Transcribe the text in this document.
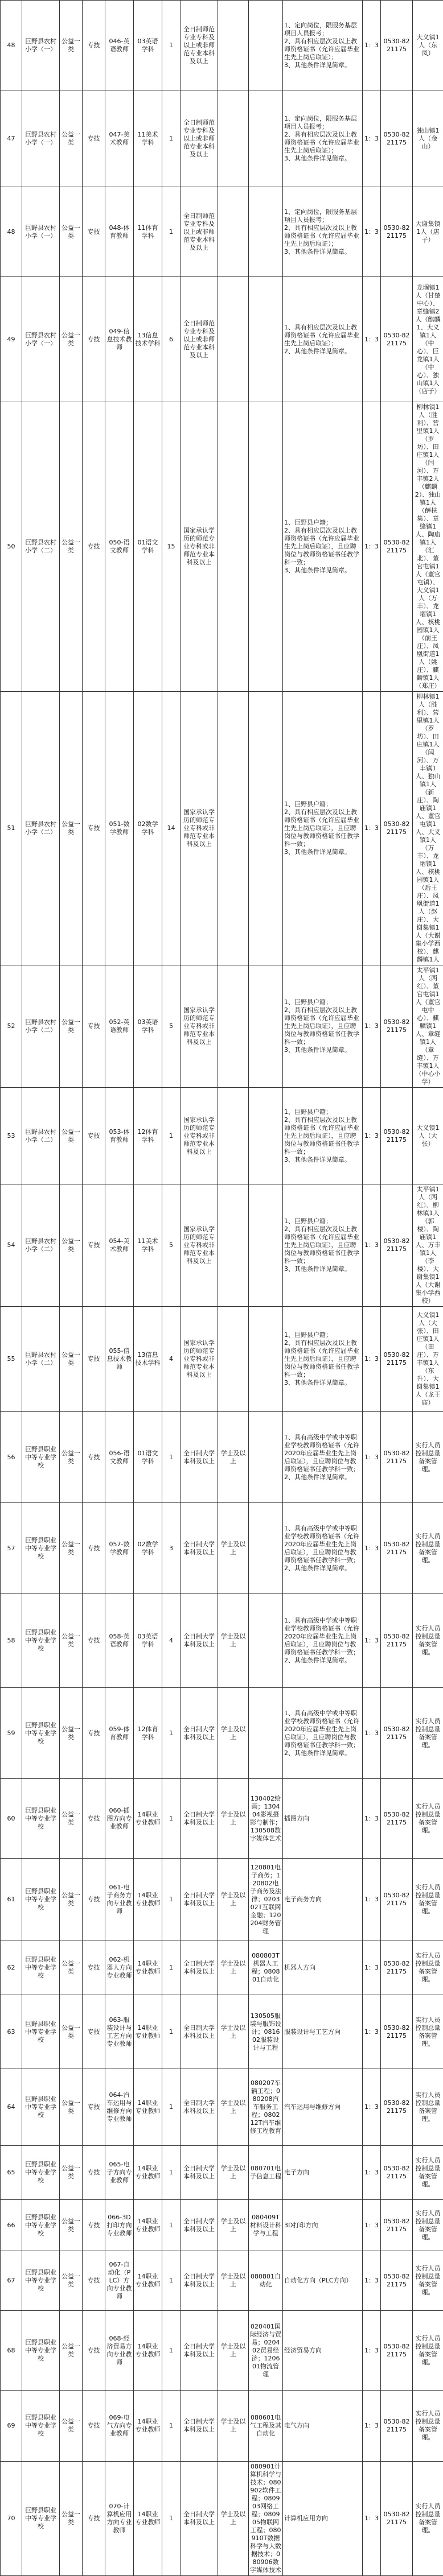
48	巨野县农村小学（一）	公益一类	专技	046-英语教师	03英语学科	1	全日制师范专业专科及以上或非师范专业本科及以上			1、定向岗位，限服务基层项目人员报考；
2、具有相应层次及以上教师资格证书（允许应届毕业生先上岗后取证）；
3、其他条件详见简章。	1：3	0530-8221175	大义镇1人（东凤）
47	巨野县农村小学（一）	公益一类	专技	047-美术教师	11美术学科	1	全日制师范专业专科及以上或非师范专业本科及以上			1、定向岗位，限服务基层项目人员报考；
2、具有相应层次及以上教师资格证书（允许应届毕业生先上岗后取证）；
3、其他条件详见简章。	1：3	0530-8221175	独山镇1人（金山）
48	巨野县农村小学（一）	公益一类	专技	048-体育教师	11体育学科	1	全日制师范专业专科及以上或非师范专业本科及以上			1、定向岗位，限服务基层项目人员报考；
2、具有相应层次及以上教师资格证书（允许应届毕业生先上岗后取证）；
3、其他条件详见简章。	1：3	0530-8221175	大谢集镇1人（店子）
49	巨野县农村小学（一）	公益一类	专技	049-信息技术教师	13信息技术学科	6	全日制师范专业专科及以上或非师范专业本科及以上			1、具有相应层次及以上教师资格证书（允许应届毕业生先上岗后取证）；
2、其他条件详见简章。	1：3	0530-8221175	龙堌镇1人（甘楚中心）、章缝镇2人（麒麟1、大义镇1人（中心）、巨龙镇1人（中心）、独山镇1人（店子）
50	巨野县农村小学（二）	公益一类	专技	050-语文教师	01语文学科	15	国家承认学历的师范专业专科或非师范专业本科及以上			1、巨野县户籍；
2、具有相应层次及以上教师资格证书（允许应届毕业生先上岗后取证），且应聘岗位与教师资格证书任教学科一致；
3、其他条件详见简章。	1：3	0530-8221175	柳林镇1人（胜利）、营里镇1人（罗坊）、田庄镇1人（闫河）、万丰镇2人（麒麟2）、独山镇1人（薛扶集）、章缝镇1人、陶庙镇1人（汇北）、董官屯镇1人（董官屯镇）、大义镇1人（万丰）、龙堌镇1人、核桃园镇1人（前王庄）、凤凰街道1人（姚庄）、麒麟镇1人（郑庄）
51	巨野县农村小学（二）	公益一类	专技	051-数学教师	02数学学科	14	国家承认学历的师范专业专科或非师范专业本科及以上			1、巨野县户籍；
2、具有相应层次及以上教师资格证书（允许应届毕业生先上岗后取证），且应聘岗位与教师资格证书任教学科一致；
3、其他条件详见简章。	1：3	0530-8221175	柳林镇1人（胜利）、营里镇1人（罗坊）、田庄镇1人（闫河）、万丰镇1人、独山镇1人（新庄）、陶庙镇1人、董官屯镇1人、大义镇1人（万丰）、龙堌镇1人、核桃园镇1人（后王庄）、凤凰街道1人（赵庄）、大谢集镇1人（大谢集小学西校）、麒麟镇1人
52	巨野县农村小学（二）	公益一类	专技	052-英语教师	03英语学科	5	国家承认学历的师范专业专科或非师范专业本科及以上			1、巨野县户籍；
2、具有相应层次及以上教师资格证书（允许应届毕业生先上岗后取证），且应聘岗位与教师资格证书任教学科一致；
3、其他条件详见简章。	1：3	0530-8221175	太平镇1人（两红）、董官屯镇1人（董官屯中心）、麒麟镇1人、章缝镇1人（章缝）、万丰镇1人（中心小学）
53	巨野县农村小学（二）	公益一类	专技	053-体育教师	12体育学科	1	国家承认学历的师范专业专科或非师范专业本科及以上			1、巨野县户籍；
2、具有相应层次及以上教师资格证书（允许应届毕业生先上岗后取证），且应聘岗位与教师资格证书任教学科一致；
3、其他条件详见简章。	1：3	0530-8221175	大义镇1人（大张）
54	巨野县农村小学（二）	公益一类	专技	054-美术教师	11美术学科	5	国家承认学历的师范专业专科或非师范专业本科及以上			1、巨野县户籍；
2、具有相应层次及以上教师资格证书（允许应届毕业生先上岗后取证），且应聘岗位与教师资格证书任教学科一致；
3、其他条件详见简章。	1：3	0530-8221175	太平镇1人（两红）、柳林镇1人（郭楼）、陶庙镇1人、万丰镇1人（李楼）、大谢集镇1人（大谢集小学西校）
55	巨野县农村小学（二）	公益一类	专技	055-信息技术教师	13信息技术学科	4	国家承认学历的师范专业专科或非师范专业本科及以上			1、巨野县户籍；
2、具有相应层次及以上教师资格证书（允许应届毕业生先上岗后取证），且应聘岗位与教师资格证书任教学科一致；
3、其他条件详见简章。	1：3	0530-8221175	大义镇1人（大张）、田庄镇1人（田庄）、万丰镇1人（东升）、大谢集镇1人（龙王庙）
56	巨野县职业中等专业学校	公益一类	专技	056-语文教师	01语文学科	1	全日制大学本科及以上	学士及以上		1、具有高级中学或中等职业学校教师资格证书（允许2020年应届毕业生先上岗后取证），且应聘岗位与教师资格证书任教学科一致；
2、其他条件详见简章。	1：3	0530-8221175	实行人员控制总量备案管理。
57	巨野县职业中等专业学校	公益一类	专技	057-数学教师	02数学学科	3	全日制大学本科及以上	学士及以上		1、具有高级中学或中等职业学校教师资格证书（允许2020年应届毕业生先上岗后取证），且应聘岗位与教师资格证书任教学科一致；
2、其他条件详见简章。	1：3	0530-8221175	实行人员控制总量备案管理。
58	巨野县职业中等专业学校	公益一类	专技	058-英语教师	03英语学科	4	全日制大学本科及以上	学士及以上		1、具有高级中学或中等职业学校教师资格证书（允许2020年应届毕业生先上岗后取证），且应聘岗位与教师资格证书任教学科一致；
2、其他条件详见简章。	1：3	0530-8221175	实行人员控制总量备案管理。
59	巨野县职业中等专业学校	公益一类	专技	059-体育教师	12体育学科	1	全日制大学本科及以上	学士及以上		1、具有高级中学或中等职业学校教师资格证书（允许2020年应届毕业生先上岗后取证），且应聘岗位与教师资格证书任教学科一致；
2、其他条件详见简章。	1：3	0530-8221175	实行人员控制总量备案管理。
60	巨野县职业中等专业学校	公益一类	专技	060-插图方向专业教师	14职业专业教师	1	全日制大学本科及以上	学士及以上	130402绘画；130404影视摄影与制作；130508数字媒体艺术	插图方向	1：3	0530-8221175	实行人员控制总量备案管理。
61	巨野县职业中等专业学校	公益一类	专技	061-电子商务方向专业教师	14职业专业教师	1	全日制大学本科及以上	学士及以上	120801电子商务；120802电子商务及法律；020302T互联网金融；120204财务管理	电子商务方向	1：3	0530-8221175	实行人员控制总量备案管理。
62	巨野县职业中等专业学校	公益一类	专技	062-机器人方向专业教师	14职业专业教师	1	全日制大学本科及以上	学士及以上	080803T机器人工程；080801自动化	机器人方向	1：3	0530-8221175	实行人员控制总量备案管理。
63	巨野县职业中等专业学校	公益一类	专技	063-服装设计与工艺方向专业教师	14职业专业教师	1	全日制大学本科及以上	学士及以上	130505服装与服饰设计；081602服装设计与工程	服装设计与工艺方向	1：3	0530-8221175	实行人员控制总量备案管理。
64	巨野县职业中等专业学校	公益一类	专技	064-汽车运用与维修方向专业教师	14职业专业教师	1	全日制大学本科及以上	学士及以上	080207车辆工程；080208汽车服务工程；080212T汽车维修工程教育	汽车运用与维修方向	1：3	0530-8221175	实行人员控制总量备案管理。
65	巨野县职业中等专业学校	公益一类	专技	065-电子方向专业教师	14职业专业教师	1	全日制大学本科及以上	学士及以上	080701电子信息工程	电子方向	1：3	0530-8221175	实行人员控制总量备案管理。
66	巨野县职业中等专业学校	公益一类	专技	066-3D打印方向专业教师	14职业专业教师	1	全日制大学本科及以上	学士及以上	080409T材料设计科学与工程	3D打印方向	1：3	0530-8221175	实行人员控制总量备案管理。
67	巨野县职业中等专业学校	公益一类	专技	067-自动化（PLC）方向专业教师	14职业专业教师	1	全日制大学本科及以上	学士及以上	080801自动化	自动化方向（PLC方向）	1：3	0530-8221175	实行人员控制总量备案管理。
68	巨野县职业中等专业学校	公益一类	专技	068-经济贸易方向专业教师	14职业专业教师	1	全日制大学本科及以上	学士及以上	020401国际经济与贸易；020402贸易经济；120601物流管理	经济贸易方向	1：3	0530-8221175	实行人员控制总量备案管理。
69	巨野县职业中等专业学校	公益一类	专技	069-电气方向专业教师	14职业专业教师	1	全日制大学本科及以上	学士及以上	080601电气工程及其自动化	电气方向	1：3	0530-8221175	实行人员控制总量备案管理。
70	巨野县职业中等专业学校	公益一类	专技	070-计算机应用方向专业教师	14职业专业教师	1	全日制大学本科及以上	学士及以上	080901计算机科学与技术；080902软件工程；080903网络工程；080905物联网工程；080910T数据科学与大数据技术；080906数字媒体技术	计算机应用方向	1：3	0530-8221175	实行人员控制总量备案管理。
